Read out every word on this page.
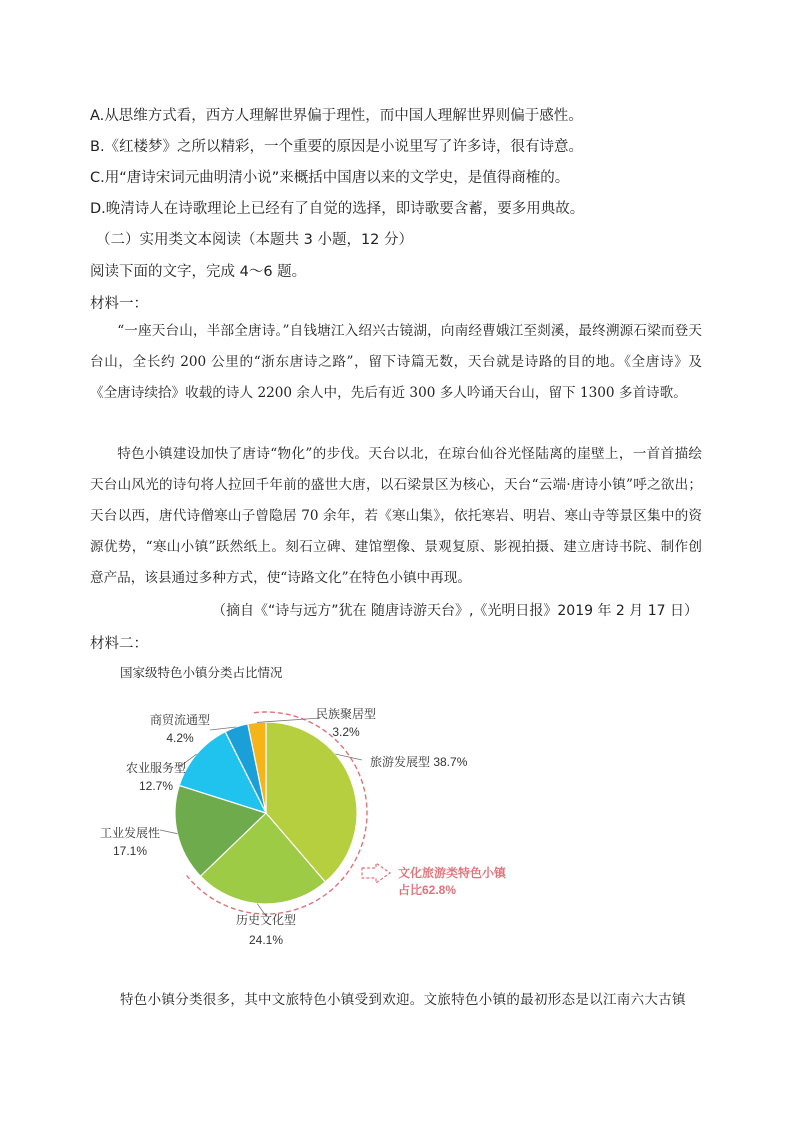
A.从思维方式看，西方人理解世界偏于理性，而中国人理解世界则偏于感性。
B.《红楼梦》之所以精彩，一个重要的原因是小说里写了许多诗，很有诗意。
C.用“唐诗宋词元曲明清小说”来概括中国唐以来的文学史，是值得商榷的。
D.晚清诗人在诗歌理论上已经有了自觉的选择，即诗歌要含蓄，要多用典故。
（二）实用类文本阅读（本题共 3 小题，12 分）
阅读下面的文字，完成 4～6 题。
材料一：
“一座天台山，半部全唐诗。”自钱塘江入绍兴古镜湖，向南经曹娥江至剡溪，最终溯源石梁而登天台山，全长约 200 公里的“浙东唐诗之路”，留下诗篇无数，天台就是诗路的目的地。《全唐诗》及《全唐诗续拾》收载的诗人 2200 余人中，先后有近 300 多人吟诵天台山，留下 1300 多首诗歌。
特色小镇建设加快了唐诗“物化”的步伐。天台以北，在琼台仙谷光怪陆离的崖壁上，一首首描绘天台山风光的诗句将人拉回千年前的盛世大唐，以石梁景区为核心，天台“云端·唐诗小镇”呼之欲出；天台以西，唐代诗僧寒山子曾隐居 70 余年，若《寒山集》，依托寒岩、明岩、寒山寺等景区集中的资源优势，“寒山小镇”跃然纸上。刻石立碑、建馆塑像、景观复原、影视拍摄、建立唐诗书院、制作创意产品，该县通过多种方式，使“诗路文化”在特色小镇中再现。
（摘自《“诗与远方”犹在 随唐诗游天台》,《光明日报》2019 年 2 月 17 日）
材料二：
国家级特色小镇分类占比情况
旅游发展型 38.7%
历史文化型
24.1%
工业发展性
17.1%
农业服务型
12.7%
商贸流通型
4.2%
民族聚居型
3.2%
文化旅游类特色小镇
占比62.8%
特色小镇分类很多，其中文旅特色小镇受到欢迎。文旅特色小镇的最初形态是以江南六大古镇
